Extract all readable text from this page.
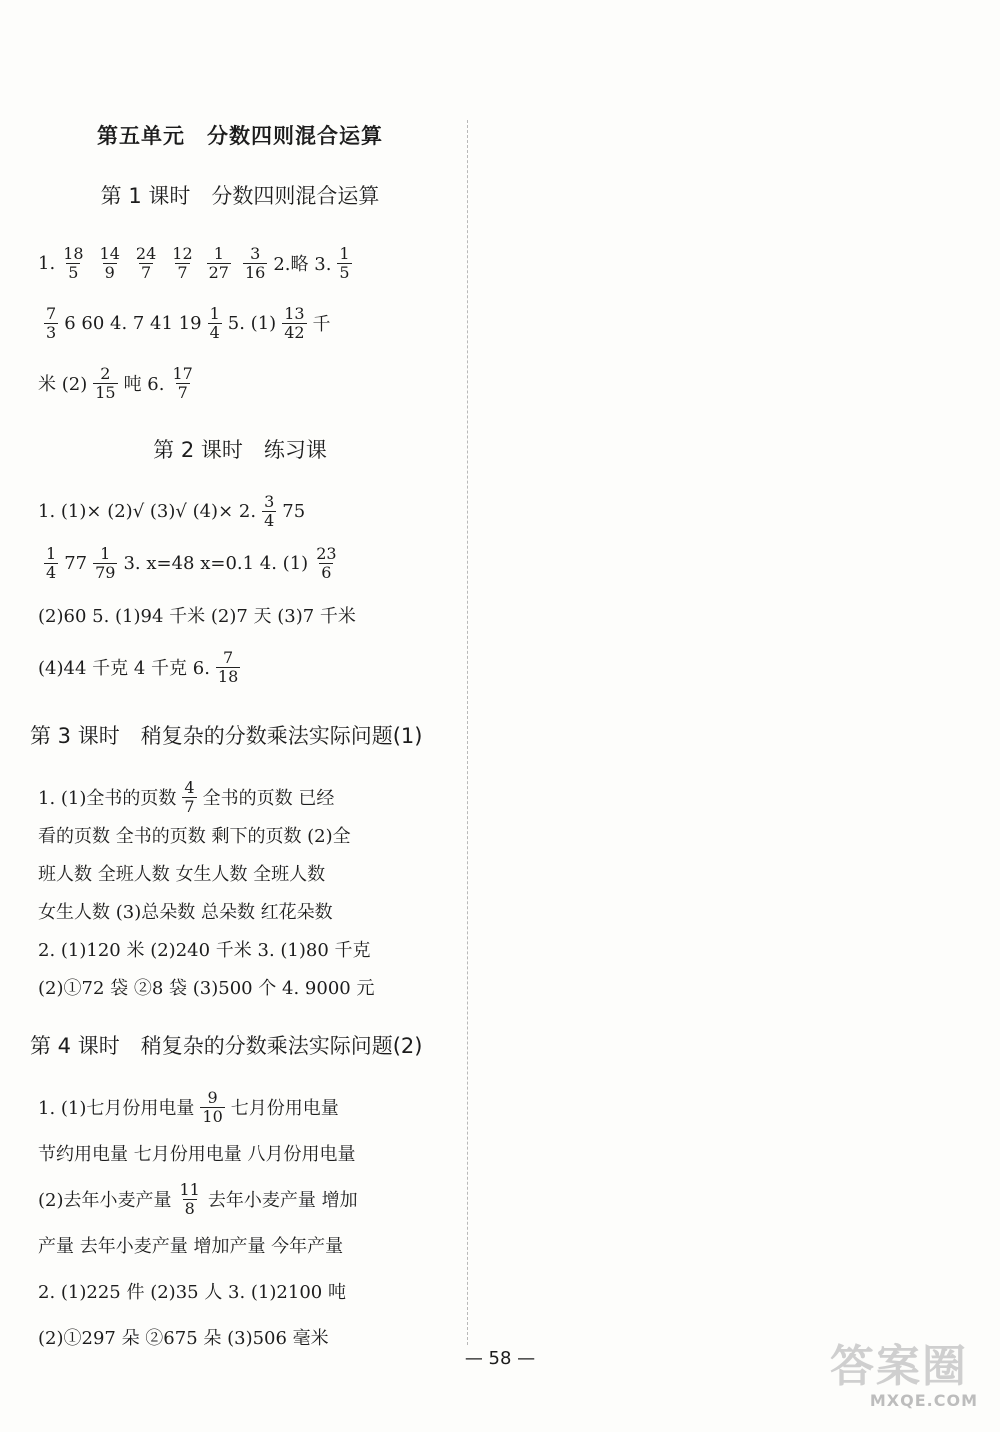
— 58 —	答案圈
MXQE.COM
第五单元　分数四则混合运算
第 1 课时　分数四则混合运算
1. $\frac{18}{5} \frac{14}{9} \frac{24}{7} \frac{12}{7} \frac{1}{27} \frac{3}{16} 2$.略 3. $\frac{1}{5}$
$\frac{7}{3} 6$ 60 4. 7 41 $19 \frac{1}{4} 5$. $(1) \frac{13}{42}$ 千
米 $(2) \frac{2}{15}$ 吨 6. $\frac{17}{7}$
第 2 课时　练习课
1. (1)× (2)√ (3)√ (4)× 2. $\frac{3}{4} 75$
$\frac{1}{4} 77 \frac{1}{79} 3$. x=48 x=0.1 4. $(1) \frac{23}{6}$
(2)60 5. (1)94 千米 (2)7 天 (3)7 千米
(4)44 千克 4 千克 6. $\frac{7}{18}$
第 3 课时　稍复杂的分数乘法实际问题(1)
1. (1)全书的页数 $\frac{4}{7}$ 全书的页数 已经
看的页数 全书的页数 剩下的页数 (2)全
班人数 全班人数 女生人数 全班人数
女生人数 (3)总朵数 总朵数 红花朵数
2. (1)120 米 (2)240 千米 3. (1)80 千克
(2)①72 袋 ②8 袋 (3)500 个 4. 9000 元
第 4 课时　稍复杂的分数乘法实际问题(2)
1. (1)七月份用电量 $\frac{9}{10}$ 七月份用电量
节约用电量 七月份用电量 八月份用电量
(2)去年小麦产量 $\frac{11}{8}$ 去年小麦产量 增加
产量 去年小麦产量 增加产量 今年产量
2. (1)225 件 (2)35 人 3. (1)2100 吨
(2)①297 朵 ②675 朵 (3)506 毫米
